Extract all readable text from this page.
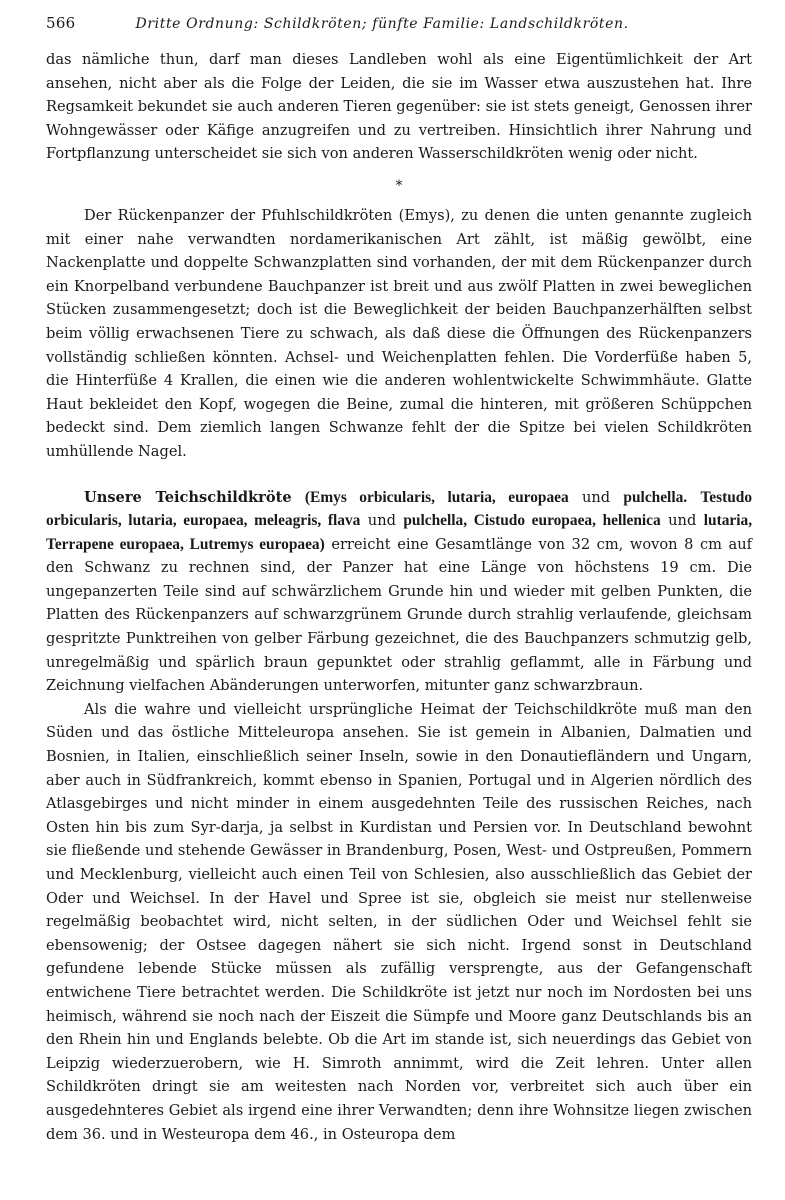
566	Dritte Ordnung: Schildkröten; fünfte Familie: Landschildkröten.

das nämliche thun, darf man dieses Landleben wohl als eine Eigentümlichkeit der Art ansehen, nicht aber als die Folge der Leiden, die sie im Wasser etwa auszustehen hat. Ihre Regsamkeit bekundet sie auch anderen Tieren gegenüber: sie ist stets geneigt, Genossen ihrer Wohngewässer oder Käfige anzugreifen und zu vertreiben. Hinsichtlich ihrer Nahrung und Fortpflanzung unterscheidet sie sich von anderen Wasserschildkröten wenig oder nicht.

*

Der Rückenpanzer der Pfuhlschildkröten (Emys), zu denen die unten genannte zugleich mit einer nahe verwandten nordamerikanischen Art zählt, ist mäßig gewölbt, eine Nackenplatte und doppelte Schwanzplatten sind vorhanden, der mit dem Rückenpanzer durch ein Knorpelband verbundene Bauchpanzer ist breit und aus zwölf Platten in zwei beweglichen Stücken zusammengesetzt; doch ist die Beweglichkeit der beiden Bauchpanzerhälften selbst beim völlig erwachsenen Tiere zu schwach, als daß diese die Öffnungen des Rückenpanzers vollständig schließen könnten. Achsel- und Weichenplatten fehlen. Die Vorderfüße haben 5, die Hinterfüße 4 Krallen, die einen wie die anderen wohlentwickelte Schwimmhäute. Glatte Haut bekleidet den Kopf, wogegen die Beine, zumal die hinteren, mit größeren Schüppchen bedeckt sind. Dem ziemlich langen Schwanze fehlt der die Spitze bei vielen Schildkröten umhüllende Nagel.

Unsere Teichschildkröte (Emys orbicularis, lutaria, europaea und pulchella. Testudo orbicularis, lutaria, europaea, meleagris, flava und pulchella, Cistudo europaea, hellenica und lutaria, Terrapene europaea, Lutremys europaea) erreicht eine Gesamtlänge von 32 cm, wovon 8 cm auf den Schwanz zu rechnen sind, der Panzer hat eine Länge von höchstens 19 cm. Die ungepanzerten Teile sind auf schwärzlichem Grunde hin und wieder mit gelben Punkten, die Platten des Rückenpanzers auf schwarzgrünem Grunde durch strahlig verlaufende, gleichsam gespritzte Punktreihen von gelber Färbung gezeichnet, die des Bauchpanzers schmutzig gelb, unregelmäßig und spärlich braun gepunktet oder strahlig geflammt, alle in Färbung und Zeichnung vielfachen Abänderungen unterworfen, mitunter ganz schwarzbraun.

Als die wahre und vielleicht ursprüngliche Heimat der Teichschildkröte muß man den Süden und das östliche Mitteleuropa ansehen. Sie ist gemein in Albanien, Dalmatien und Bosnien, in Italien, einschließlich seiner Inseln, sowie in den Donautiefländern und Ungarn, aber auch in Südfrankreich, kommt ebenso in Spanien, Portugal und in Algerien nördlich des Atlasgebirges und nicht minder in einem ausgedehnten Teile des russischen Reiches, nach Osten hin bis zum Syr-darja, ja selbst in Kurdistan und Persien vor. In Deutschland bewohnt sie fließende und stehende Gewässer in Brandenburg, Posen, West- und Ostpreußen, Pommern und Mecklenburg, vielleicht auch einen Teil von Schlesien, also ausschließlich das Gebiet der Oder und Weichsel. In der Havel und Spree ist sie, obgleich sie meist nur stellenweise regelmäßig beobachtet wird, nicht selten, in der südlichen Oder und Weichsel fehlt sie ebensowenig; der Ostsee dagegen nähert sie sich nicht. Irgend sonst in Deutschland gefundene lebende Stücke müssen als zufällig versprengte, aus der Gefangenschaft entwichene Tiere betrachtet werden. Die Schildkröte ist jetzt nur noch im Nordosten bei uns heimisch, während sie noch nach der Eiszeit die Sümpfe und Moore ganz Deutschlands bis an den Rhein hin und Englands belebte. Ob die Art im stande ist, sich neuerdings das Gebiet von Leipzig wiederzuerobern, wie H. Simroth annimmt, wird die Zeit lehren. Unter allen Schildkröten dringt sie am weitesten nach Norden vor, verbreitet sich auch über ein ausgedehnteres Gebiet als irgend eine ihrer Verwandten; denn ihre Wohnsitze liegen zwischen dem 36. und in Westeuropa dem 46., in Osteuropa dem
